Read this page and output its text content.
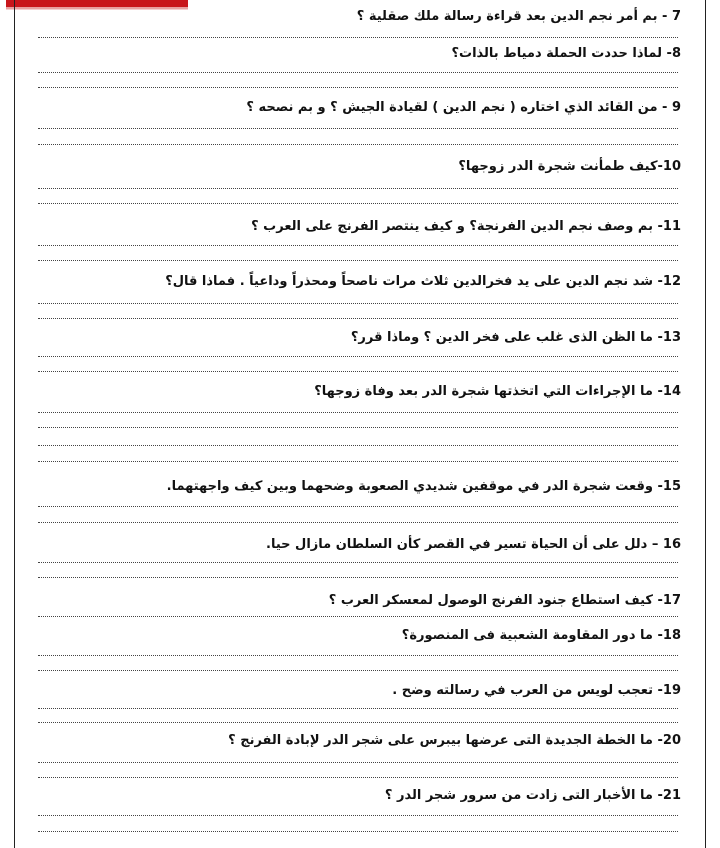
7 - بم أمر نجم الدين بعد قراءة رسالة ملك صقلية ؟
8- لماذا حددت الحملة دمياط بالذات؟
9 - من القائد الذي اختاره ( نجم الدين ) لقيادة الجيش ؟ و بم نصحه ؟
10-كيف طمأنت شجرة الدر زوجها؟
11- بم وصف نجم الدين الفرنجة؟ و كيف ينتصر الفرنج على العرب ؟
12- شد نجم الدين على يد فخرالدين ثلاث مرات ناصحاً ومحذراً وداعياً . فماذا قال؟
13- ما الظن الذى غلب على فخر الدين ؟ وماذا قرر؟
14- ما الإجراءات التي اتخذتها شجرة الدر بعد وفاة زوجها؟
15- وقعت شجرة الدر في موقفين شديدي الصعوبة وضحهما وبين كيف واجهتهما.
16 – دلل على أن الحياة تسير في القصر كأن السلطان مازال حيا.
17- كيف استطاع جنود الفرنج الوصول لمعسكر العرب ؟
18- ما دور المقاومة الشعبية فى المنصورة؟
19- تعجب لويس من العرب في رسالته وضح .
20- ما الخطة الجديدة التى عرضها بيبرس على شجر الدر لإبادة الفرنج ؟
21- ما الأخبار التى زادت من سرور شجر الدر ؟
